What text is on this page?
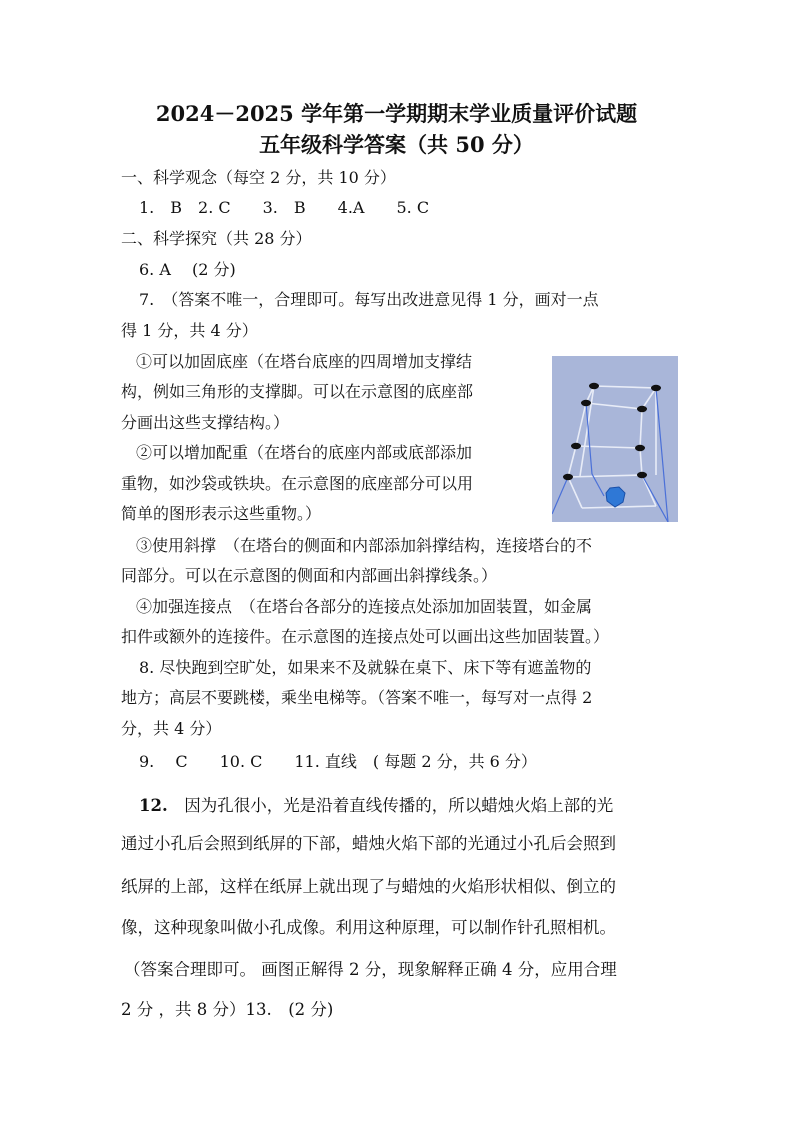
2024－2025 学年第一学期期末学业质量评价试题
五年级科学答案（共 50 分）
一、科学观念（每空 2 分，共 10 分）
1.　B　2. C　　3.　B　　4.A　　5. C
二、科学探究（共 28 分）
6. A　 (2 分)
7.　（答案不唯一，合理即可。每写出改进意见得 1 分，画对一点
得 1 分，共 4 分）
①可以加固底座（在塔台底座的四周增加支撑结
构，例如三角形的支撑脚。可以在示意图的底座部
分画出这些支撑结构。）
②可以增加配重（在塔台的底座内部或底部添加
重物，如沙袋或铁块。在示意图的底座部分可以用
简单的图形表示这些重物。）
③使用斜撑　（在塔台的侧面和内部添加斜撑结构，连接塔台的不
同部分。可以在示意图的侧面和内部画出斜撑线条。）
④加强连接点　（在塔台各部分的连接点处添加加固装置，如金属
扣件或额外的连接件。在示意图的连接点处可以画出这些加固装置。）
8. 尽快跑到空旷处，如果来不及就躲在桌下、床下等有遮盖物的
地方；高层不要跳楼，乘坐电梯等。（答案不唯一，每写对一点得 2
分，共 4 分）
9.　 C　　10. C　　11. 直线　( 每题 2 分，共 6 分）
12.　因为孔很小，光是沿着直线传播的，所以蜡烛火焰上部的光
通过小孔后会照到纸屏的下部，蜡烛火焰下部的光通过小孔后会照到
纸屏的上部，这样在纸屏上就出现了与蜡烛的火焰形状相似、倒立的
像，这种现象叫做小孔成像。利用这种原理，可以制作针孔照相机。
（答案合理即可。 画图正解得 2 分，现象解释正确 4 分，应用合理
2 分 ，共 8 分）13.　(2 分)
